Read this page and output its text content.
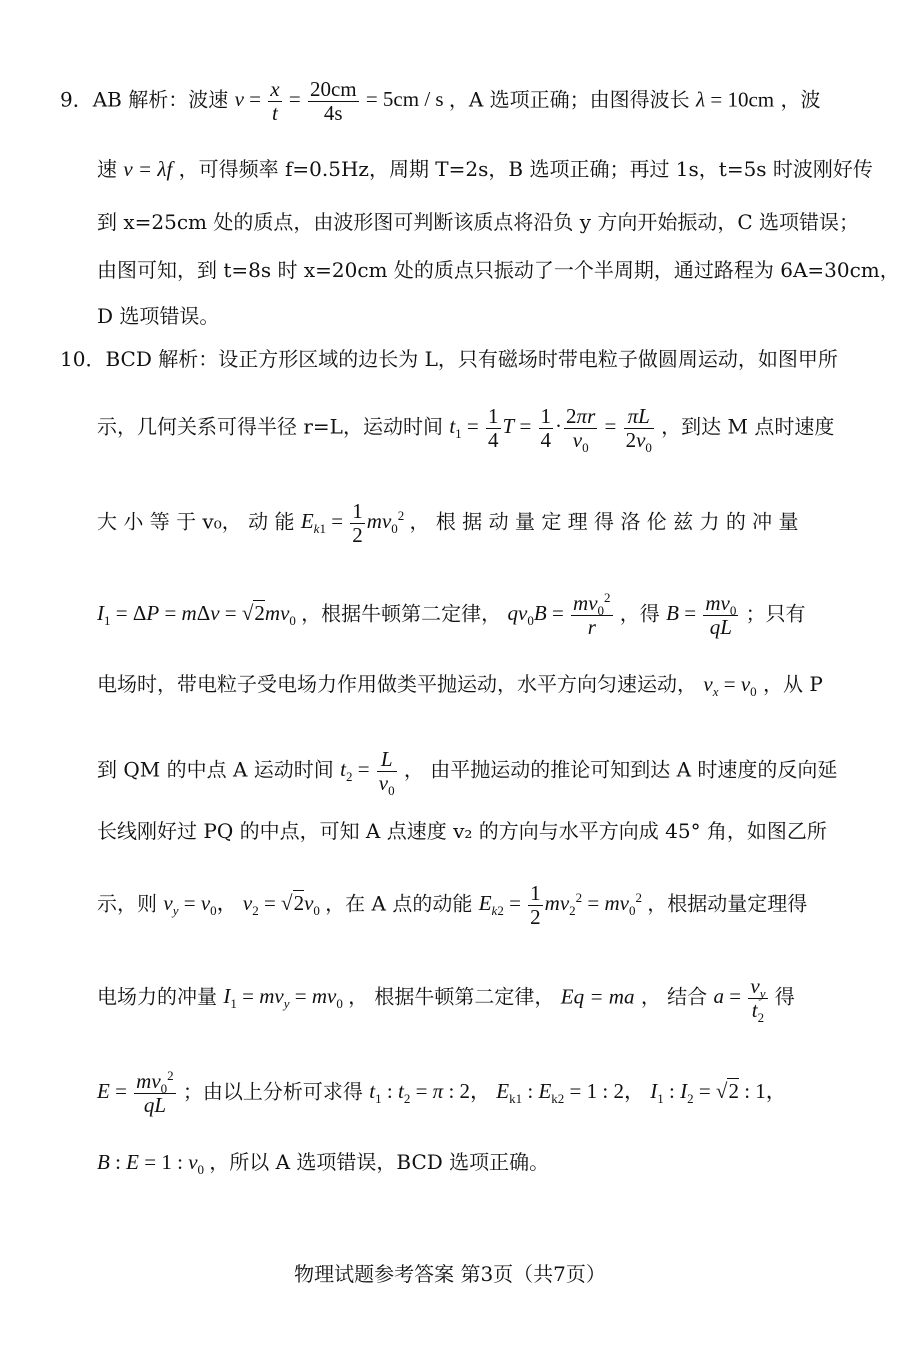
9．AB 解析：波速 $v = \frac{x}{t} = \frac{20cm}{4s} = 5cm / s$ ，A 选项正确；由图得波长 λ = 10cm ，波
速 v = λf ，可得频率 f=0.5Hz，周期 T=2s，B 选项正确；再过 1s，t=5s 时波刚好传
到 x=25cm 处的质点，由波形图可判断该质点将沿负 y 方向开始振动，C 选项错误；
由图可知，到 t=8s 时 x=20cm 处的质点只振动了一个半周期，通过路程为 6A=30cm，
D 选项错误。
10．BCD 解析：设正方形区域的边长为 L，只有磁场时带电粒子做圆周运动，如图甲所
示，几何关系可得半径 r=L，运动时间 $t_1 = \frac{1}{4}$ $T = \frac{1}{4} \cdot \frac{2\pi r}{v_0} = \frac{\pi L}{2v_0}$ ，到达 M 点时速度
大 小 等 于 v₀， 动 能 $E_{k1} = \frac{1}{2} mv_0^2$ ， 根 据 动 量 定 理 得 洛 伦 兹 力 的 冲 量
$I_1 = \Delta P = m\Delta v = √2mv_0$ ，根据牛顿第二定律， $qv_0B = \frac{mv_0^2}{r}$ ，得 $B = \frac{mv_0}{qL}$ ；只有
电场时，带电粒子受电场力作用做类平抛运动，水平方向匀速运动， $v_x = v_0$ ，从 P
到 QM 的中点 A 运动时间 $t_2 = \frac{L}{v_0}$ ， 由平抛运动的推论可知到达 A 时速度的反向延
长线刚好过 PQ 的中点，可知 A 点速度 v₂ 的方向与水平方向成 45° 角，如图乙所
示，则 $v_y = v_0$， $v_2 = √2v_0$ ，在 A 点的动能 $E_{k2} = \frac{1}{2} mv_2^2 = mv_0^2$ ，根据动量定理得
电场力的冲量 $I_1 = mv_y = mv_0$ ， 根据牛顿第二定律， Eq = ma ， 结合 $a = \frac{v_y}{t_2}$ 得
$E = \frac{mv_0^2}{qL}$ ；由以上分析可求得 $t_1$ : $t_2 = \pi$ : 2， $E_{k1}$ : $E_{k2} = 1$ : 2， $I_1$ : $I_2 = √2$ : 1，
B : E = 1 : $v_0$ ，所以 A 选项错误，BCD 选项正确。
物理试题参考答案 第3页（共7页）
